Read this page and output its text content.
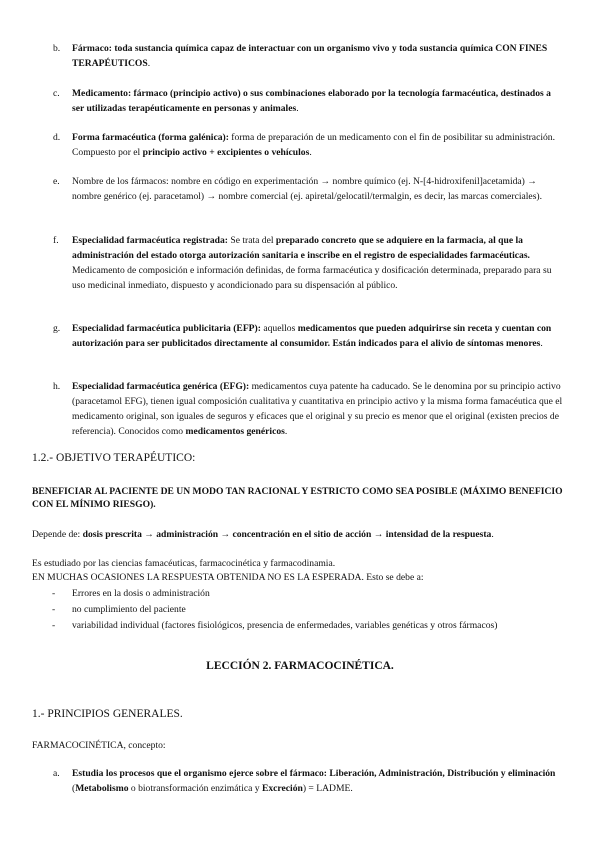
b.	Fármaco: toda sustancia química capaz de interactuar con un organismo vivo y toda sustancia química CON FINES TERAPÉUTICOS.
c.	Medicamento: fármaco (principio activo) o sus combinaciones elaborado por la tecnología farmacéutica, destinados a ser utilizadas terapéuticamente en personas y animales.
d.	Forma farmacéutica (forma galénica): forma de preparación de un medicamento con el fin de posibilitar su administración. Compuesto por el principio activo + excipientes o vehículos.
e.	Nombre de los fármacos: nombre en código en experimentación → nombre químico (ej. N-[4-hidroxifenil]acetamida) → nombre genérico (ej. paracetamol) → nombre comercial (ej. apiretal/gelocatil/termalgin, es decir, las marcas comerciales).
f.	Especialidad farmacéutica registrada: Se trata del preparado concreto que se adquiere en la farmacia, al que la administración del estado otorga autorización sanitaria e inscribe en el registro de especialidades farmacéuticas. Medicamento de composición e información definidas, de forma farmacéutica y dosificación determinada, preparado para su uso medicinal inmediato, dispuesto y acondicionado para su dispensación al público.
g.	Especialidad farmacéutica publicitaria (EFP): aquellos medicamentos que pueden adquirirse sin receta y cuentan con autorización para ser publicitados directamente al consumidor. Están indicados para el alivio de síntomas menores.
h.	Especialidad farmacéutica genérica (EFG): medicamentos cuya patente ha caducado. Se le denomina por su principio activo (paracetamol EFG), tienen igual composición cualitativa y cuantitativa en principio activo y la misma forma famacéutica que el medicamento original, son iguales de seguros y eficaces que el original y su precio es menor que el original (existen precios de referencia). Conocidos como medicamentos genéricos.
1.2.- OBJETIVO TERAPÉUTICO:
BENEFICIAR AL PACIENTE DE UN MODO TAN RACIONAL Y ESTRICTO COMO SEA POSIBLE (MÁXIMO BENEFICIO CON EL MÍNIMO RIESGO).
Depende de: dosis prescrita → administración → concentración en el sitio de acción → intensidad de la respuesta.
Es estudiado por las ciencias famacéuticas, farmacocinética y farmacodinamia.
EN MUCHAS OCASIONES LA RESPUESTA OBTENIDA NO ES LA ESPERADA. Esto se debe a:
- Errores en la dosis o administración
- no cumplimiento del paciente
- variabilidad individual (factores fisiológicos, presencia de enfermedades, variables genéticas y otros fármacos)
LECCIÓN 2. FARMACOCINÉTICA.
1.- PRINCIPIOS GENERALES.
FARMACOCINÉTICA, concepto:
a.	Estudia los procesos que el organismo ejerce sobre el fármaco: Liberación, Administración, Distribución y eliminación (Metabolismo o biotransformación enzimática y Excreción) = LADME.
